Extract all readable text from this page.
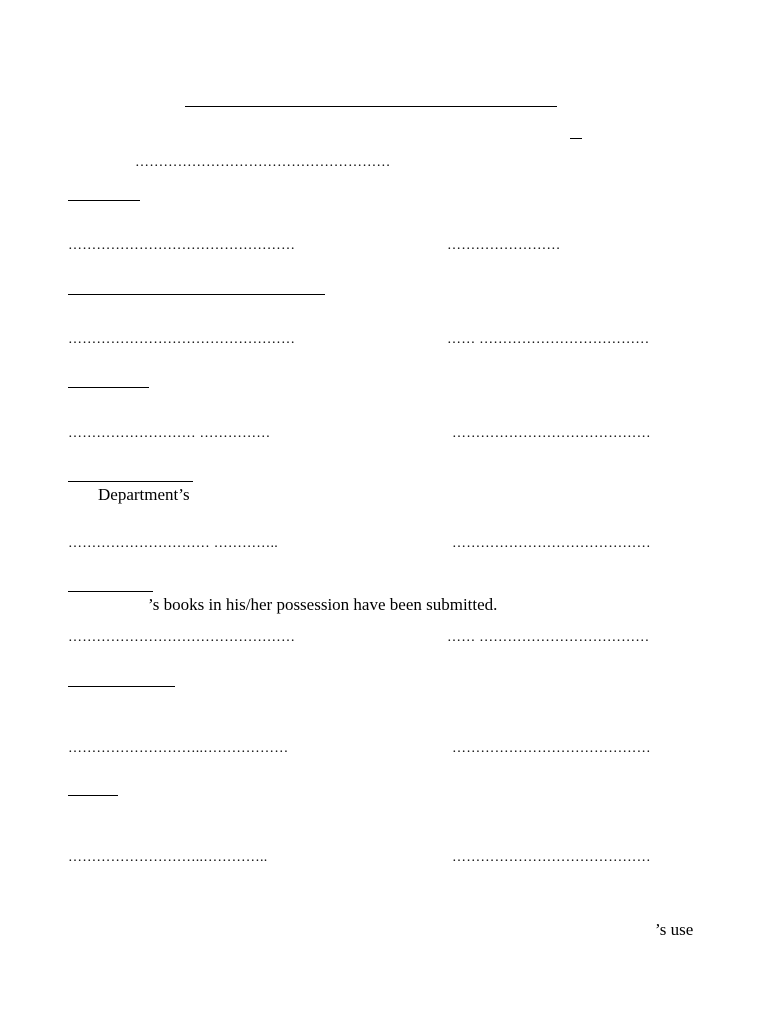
………………………………………………
…………………………………………	……………………
…………………………………………	…… ………………………………
……………………… ……………	……………………………………
Department’s
………………………… …………..	……………………………………
’s books in his/her possession have been submitted.
…………………………………………	…… ………………………………
………………………..………………	……………………………………
………………………..…………..	……………………………………
’s use
